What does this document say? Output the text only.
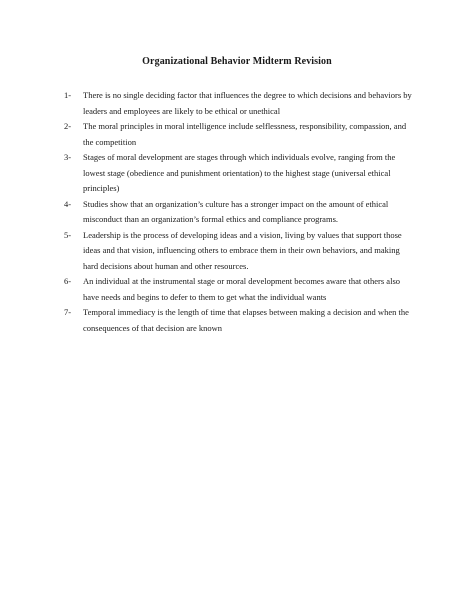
Organizational Behavior Midterm Revision
1- There is no single deciding factor that influences the degree to which decisions and behaviors by leaders and employees are likely to be ethical or unethical
2- The moral principles in moral intelligence include selflessness, responsibility, compassion, and the competition
3- Stages of moral development are stages through which individuals evolve, ranging from the lowest stage (obedience and punishment orientation) to the highest stage (universal ethical principles)
4- Studies show that an organization’s culture has a stronger impact on the amount of ethical misconduct than an organization’s formal ethics and compliance programs.
5- Leadership is the process of developing ideas and a vision, living by values that support those ideas and that vision, influencing others to embrace them in their own behaviors, and making hard decisions about human and other resources.
6- An individual at the instrumental stage or moral development becomes aware that others also have needs and begins to defer to them to get what the individual wants
7- Temporal immediacy is the length of time that elapses between making a decision and when the consequences of that decision are known
